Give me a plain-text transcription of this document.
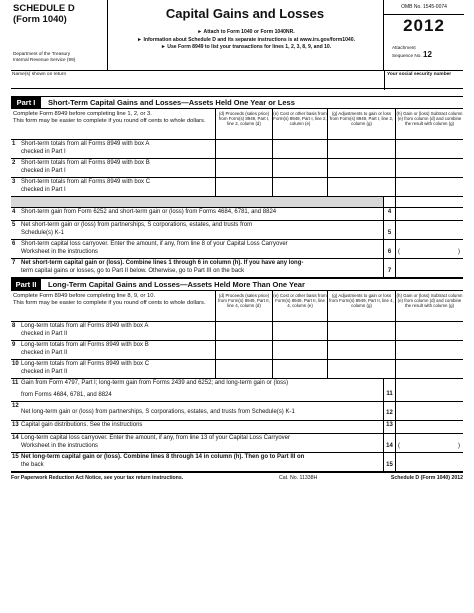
SCHEDULE D
(Form 1040)
Department of the Treasury
Internal Revenue Service (99)
Capital Gains and Losses
► Attach to Form 1040 or Form 1040NR.
► Information about Schedule D and its separate instructions is at www.irs.gov/form1040.
► Use Form 8949 to list your transactions for lines 1, 2, 3, 8, 9, and 10.
OMB No. 1545-0074
2012
Attachment
Sequence No. 12
Name(s) shown on return	Your social security number
Part I	Short-Term Capital Gains and Losses—Assets Held One Year or Less
Complete Form 8949 before completing line 1, 2, or 3.
This form may be easier to complete if you round off cents to whole dollars.
(d) Proceeds (sales price) from Form(s) 8949, Part I, line 2, column (d)
(e) Cost or other basis from Form(s) 8949, Part I, line 2, column (e)
(g) Adjustments to gain or loss from Form(s) 8949, Part I, line 2, column (g)
(h) Gain or (loss) Subtract column (e) from column (d) and combine the result with column (g)
1 Short-term totals from all Forms 8949 with box A
checked in Part I
2 Short-term totals from all Forms 8949 with box B
checked in Part I
3 Short-term totals from all Forms 8949 with box C
checked in Part I
4 Short-term gain from Form 6252 and short-term gain or (loss) from Forms 4684, 6781, and 8824	4
5 Net short-term gain or (loss) from partnerships, S corporations, estates, and trusts from
Schedule(s) K-1	5
6 Short-term capital loss carryover. Enter the amount, if any, from line 8 of your Capital Loss Carryover
Worksheet in the instructions	6	(	)
7 Net short-term capital gain or (loss). Combine lines 1 through 6 in column (h). If you have any long-
term capital gains or losses, go to Part II below. Otherwise, go to Part III on the back	7
Part II	Long-Term Capital Gains and Losses—Assets Held More Than One Year
Complete Form 8949 before completing line 8, 9, or 10.
This form may be easier to complete if you round off cents to whole dollars.
(d) Proceeds (sales price) from Form(s) 8949, Part II, line 4, column (d)
(e) Cost or other basis from Form(s) 8949, Part II, line 4, column (e)
(g) Adjustments to gain or loss from Form(s) 8949, Part II, line 4, column (g)
(h) Gain or (loss) Subtract column (e) from column (d) and combine the result with column (g)
8 Long-term totals from all Forms 8949 with box A
checked in Part II
9 Long-term totals from all Forms 8949 with box B
checked in Part II
10 Long-term totals from all Forms 8949 with box C
checked in Part II
11 Gain from Form 4797, Part I; long-term gain from Forms 2439 and 6252; and long-term gain or (loss)
from Forms 4684, 6781, and 8824	11
12
Net long-term gain or (loss) from partnerships, S corporations, estates, and trusts from Schedule(s) K-1	12
13 Capital gain distributions. See the instructions	13
14 Long-term capital loss carryover. Enter the amount, if any, from line 13 of your Capital Loss Carryover
Worksheet in the instructions	14 (	)
15 Net long-term capital gain or (loss). Combine lines 8 through 14 in column (h). Then go to Part III on
the back	15
For Paperwork Reduction Act Notice, see your tax return instructions.	Cat. No. 11338H	Schedule D (Form 1040) 2012
